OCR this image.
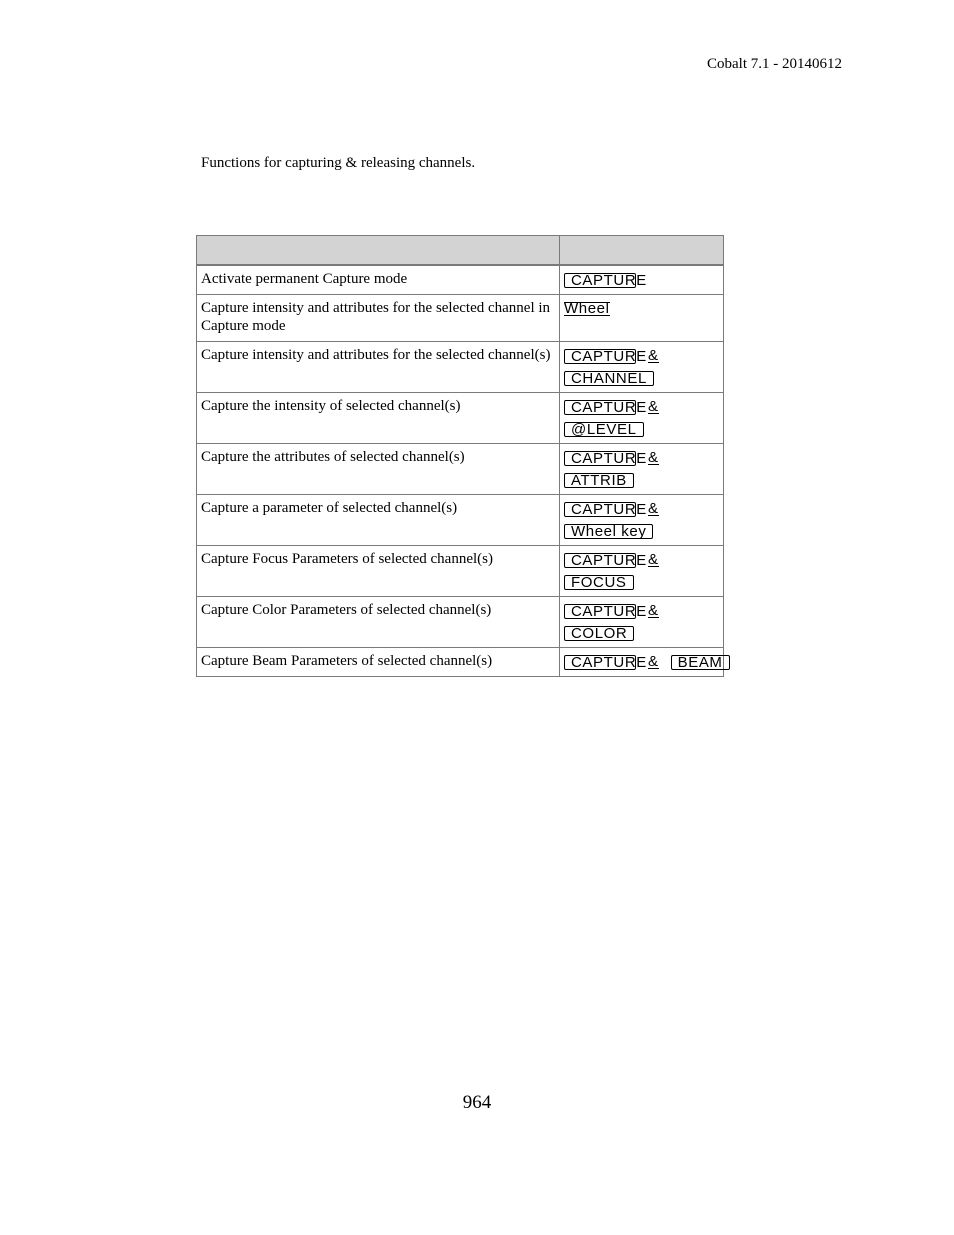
Cobalt 7.1 - 20140612
Functions for capturing & releasing channels.

Activate permanent Capture mode	CAPTURE

Capture intensity and attributes for the selected channel in Capture mode	Wheel

Capture intensity and attributes for the selected channel(s)	CAPTURE &
CHANNEL

Capture the intensity of selected channel(s)	CAPTURE &
@LEVEL

Capture the attributes of selected channel(s)	CAPTURE &
ATTRIB

Capture a parameter of selected channel(s)	CAPTURE &
Wheel key

Capture Focus Parameters of selected channel(s)	CAPTURE &
FOCUS

Capture Color Parameters of selected channel(s)	CAPTURE &
COLOR

Capture Beam Parameters of selected channel(s)	CAPTURE & BEAM
964
